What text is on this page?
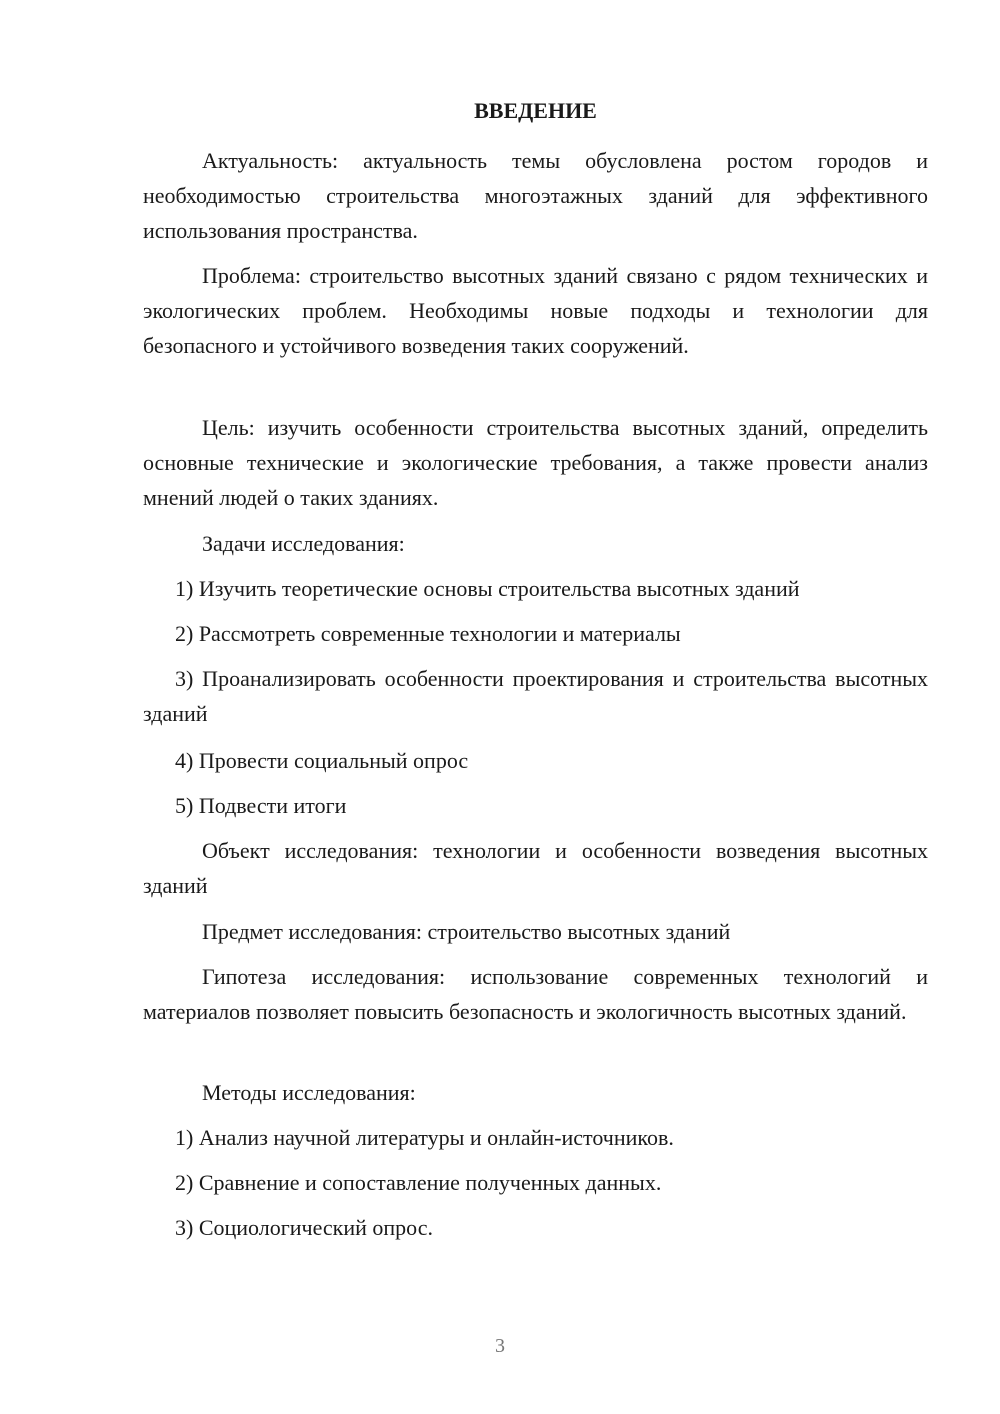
ВВЕДЕНИЕ

Актуальность: актуальность темы обусловлена ростом городов и необходимостью строительства многоэтажных зданий для эффективного использования пространства.

Проблема: строительство высотных зданий связано с рядом технических и экологических проблем. Необходимы новые подходы и технологии для безопасного и устойчивого возведения таких сооружений.

Цель: изучить особенности строительства высотных зданий, определить основные технические и экологические требования, а также провести анализ мнений людей о таких зданиях.

Задачи исследования:

1) Изучить теоретические основы строительства высотных зданий

2) Рассмотреть современные технологии и материалы

3) Проанализировать особенности проектирования и строительства высотных зданий

4) Провести социальный опрос

5) Подвести итоги

Объект исследования: технологии и особенности возведения высотных зданий

Предмет исследования: строительство высотных зданий

Гипотеза исследования: использование современных технологий и материалов позволяет повысить безопасность и экологичность высотных зданий.

Методы исследования:

1) Анализ научной литературы и онлайн-источников.

2) Сравнение и сопоставление полученных данных.

3) Социологический опрос.

3
